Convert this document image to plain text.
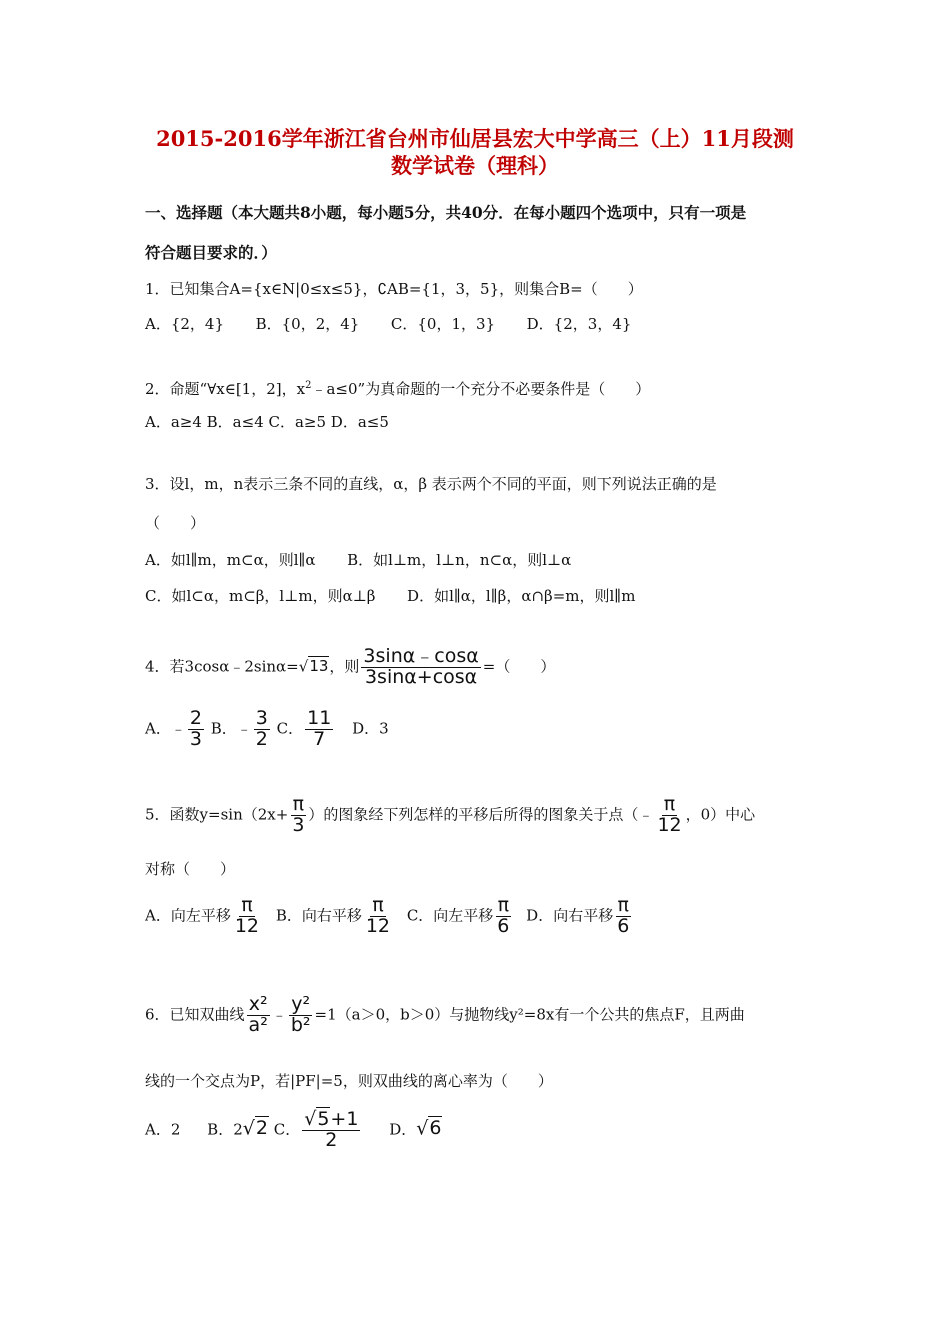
2015-2016学年浙江省台州市仙居县宏大中学高三（上）11月段测
数学试卷（理科）
一、选择题（本大题共8小题，每小题5分，共40分．在每小题四个选项中，只有一项是
符合题目要求的．）
1．已知集合A={x∈N|0≤x≤5}，∁AB={1，3，5}，则集合B=（　　）
A．{2，4} B．{0，2，4} C．{0，1，3} D．{2，3，4}
2．命题“∀x∈[1，2]，$x^2﹣a\le 0$”为真命题的一个充分不必要条件是（　　）
A．a≥4 B．a≤4 C．a≥5 D．a≤5
3．设l，m，n表示三条不同的直线，α，β 表示两个不同的平面，则下列说法正确的是
（　　）
A．如l∥m，m⊂α，则l∥α B．如l⊥m，l⊥n，n⊂α，则l⊥α
C．如l⊂α，m⊂β，l⊥m，则α⊥β D．如l∥α，l∥β，α∩β=m，则l∥m
4．若3cosα﹣2sinα=√13，则 $\frac{3\sin\alpha﹣\cos\alpha}{3\sin\alpha+\cos\alpha}$ =（　　）
A．﹣ $\frac{2}{3}$ B．﹣ $\frac{3}{2}$ C． $\frac{11}{7}$ D．3
5．函数$y=\sin(2x+ \frac{\pi}{3}$ ）的图象经下列怎样的平移后所得的图象关于点（﹣ $\frac{\pi}{12}$ ，0）中心
对称（　　）
A．向左平移 $\frac{\pi}{12}$ B．向右平移 $\frac{\pi}{12}$ C．向左平移 $\frac{\pi}{6}$ D．向右平移 $\frac{\pi}{6}$
6．已知双曲线 $\frac{\text{x²}}{\text{a²}}$ ﹣ $\frac{\text{y²}}{\text{b²}} =1(a>0$，b＞0）与抛物线y²=8x有一个公共的焦点F，且两曲
线的一个交点为P，若|PF|=5，则双曲线的离心率为（　　）
A．2 B．2√2 C． $\frac{√5+1}{2}$ D．√6
